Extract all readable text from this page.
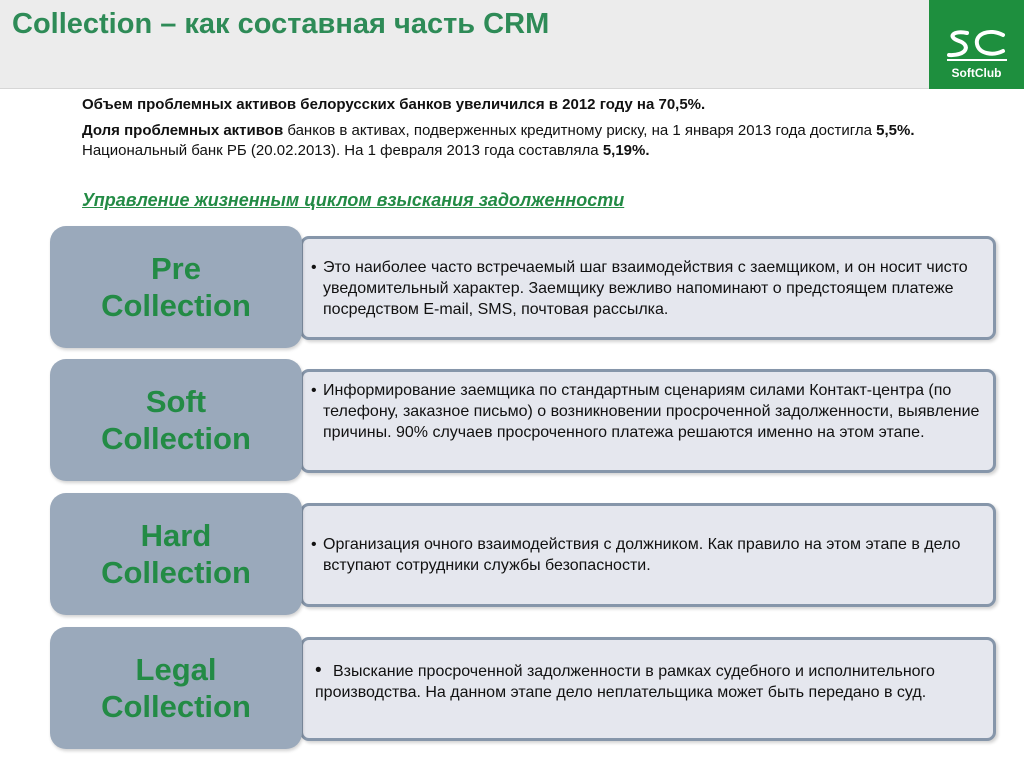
Collection – как составная часть CRM
SoftClub

Объем проблемных активов белорусских банков увеличился в 2012 году на 70,5%.

Доля проблемных активов банков в активах, подверженных кредитному риску, на 1 января 2013 года достигла 5,5%. Национальный банк РБ (20.02.2013). На 1 февраля 2013 года составляла 5,19%.

Управление жизненным циклом взыскания задолженности
• Это наиболее часто встречаемый шаг взаимодействия с заемщиком, и он носит чисто уведомительный характер. Заемщику вежливо напоминают о предстоящем платеже посредством E-mail, SMS, почтовая рассылка.
Pre
Collection
• Информирование заемщика по стандартным сценариям силами Контакт-центра (по телефону, заказное письмо) о возникновении просроченной задолженности, выявление причины. 90% случаев просроченного платежа решаются именно на этом этапе.
Soft
Collection
• Организация очного взаимодействия с должником. Как правило на этом этапе в дело вступают сотрудники службы безопасности.
Hard
Collection
• Взыскание просроченной задолженности в рамках судебного и исполнительного производства. На данном этапе дело неплательщика может быть передано в суд.
Legal
Collection
